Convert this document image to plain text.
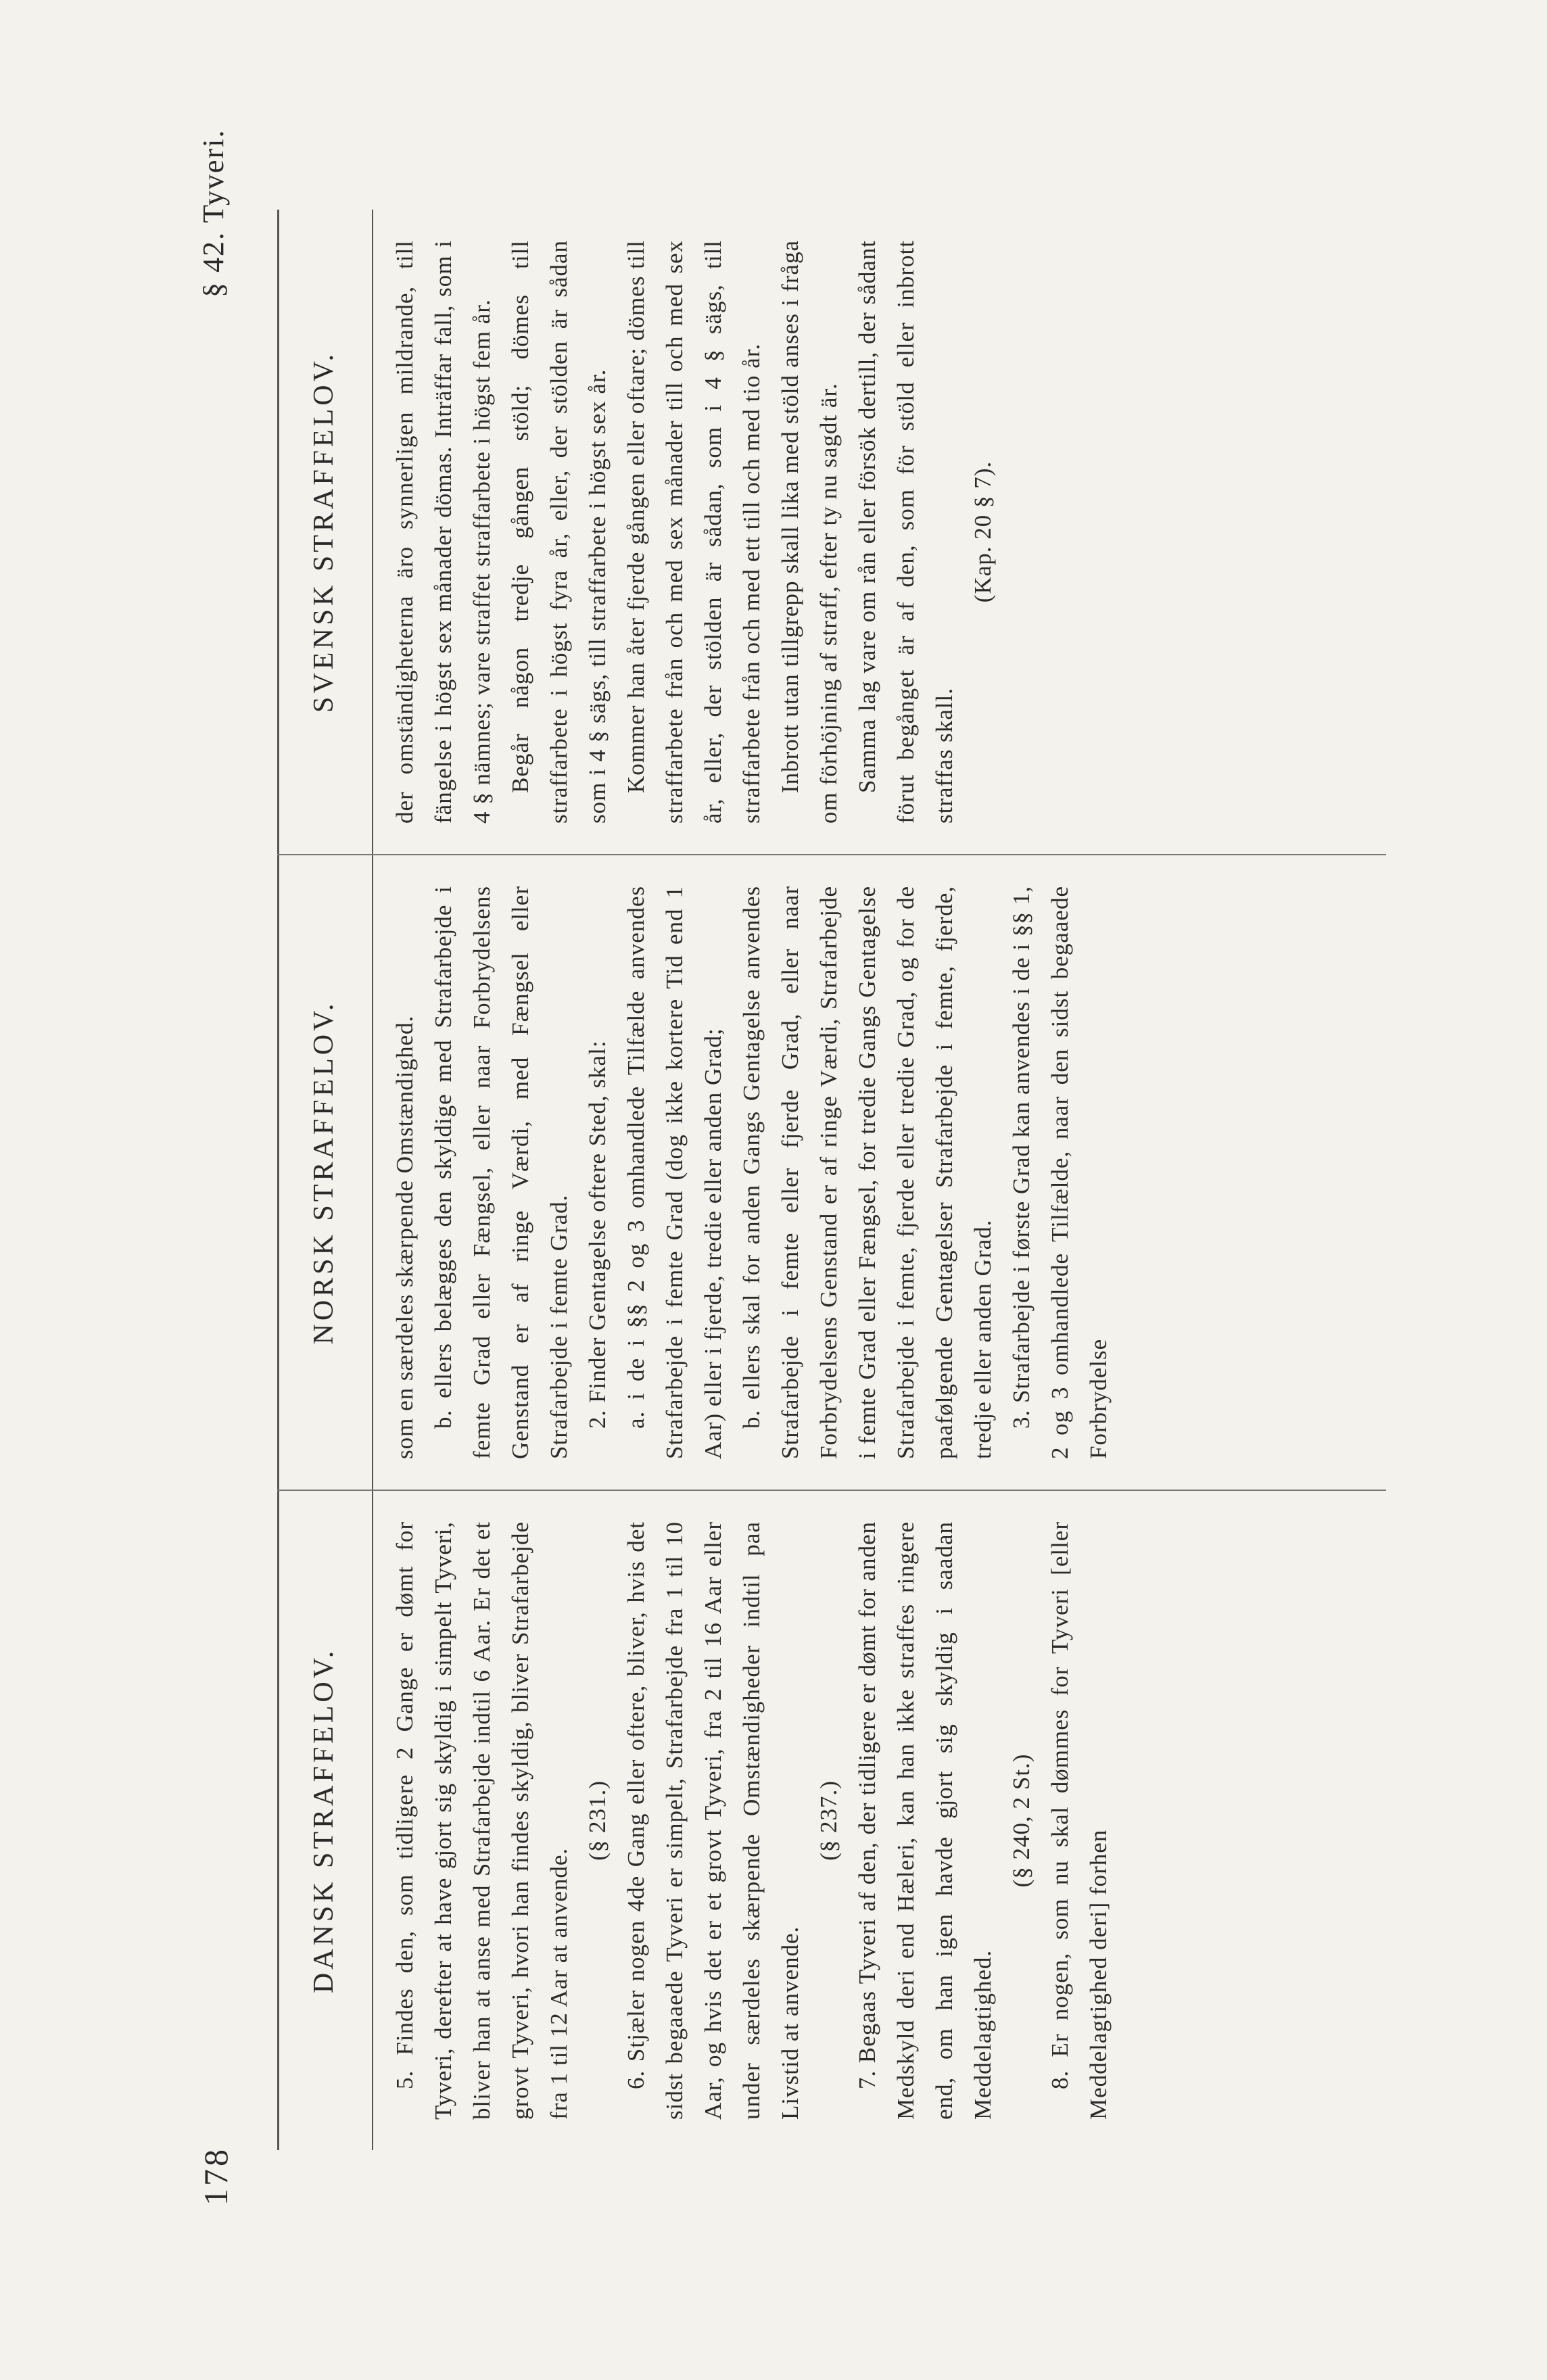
178
§ 42. Tyveri.
DANSK STRAFFELOV. 5. Findes den, som tidligere 2 Gange er dømt for Tyveri, derefter at have gjort sig skyldig i simpelt Tyveri, bliver han at anse med Strafarbejde indtil 6 Aar. Er det et grovt Tyveri, hvori han findes skyldig, bliver Strafarbejde fra 1 til 12 Aar at anvende.

(§ 231.) 6. Stjæler nogen 4de Gang eller oftere, bliver, hvis det sidst begaaede Tyveri er simpelt, Strafarbejde fra 1 til 10 Aar, og hvis det er et grovt Tyveri, fra 2 til 16 Aar eller under særdeles skærpende Omstændigheder indtil paa Livstid at anvende.

(§ 237.) 7. Begaas Tyveri af den, der tidligere er dømt for anden Medskyld deri end Hæleri, kan han ikke straffes ringere end, om han igen havde gjort sig skyldig i saadan Meddelagtighed.

(§ 240, 2 St.) 8. Er nogen, som nu skal dømmes for Tyveri [eller Meddelagtighed deri] forhen

NORSK STRAFFELOV. som en særdeles skærpende Omstændighed. b. ellers belægges den skyldige med Strafarbejde i femte Grad eller Fængsel, eller naar Forbrydelsens Genstand er af ringe Værdi, med Fængsel eller Strafarbejde i femte Grad. 2. Finder Gentagelse oftere Sted, skal: a. i de i §§ 2 og 3 omhandlede Tilfælde anvendes Strafarbejde i femte Grad (dog ikke kortere Tid end 1 Aar) eller i fjerde, tredie eller anden Grad; b. ellers skal for anden Gangs Gentagelse anvendes Strafarbejde i femte eller fjerde Grad, eller naar Forbrydelsens Genstand er af ringe Værdi, Strafarbejde i femte Grad eller Fængsel, for tredie Gangs Gentagelse Strafarbejde i femte, fjerde eller tredie Grad, og for de paafølgende Gentagelser Strafarbejde i femte, fjerde, tredje eller anden Grad. 3. Strafarbejde i første Grad kan anvendes i de i §§ 1, 2 og 3 omhandlede Tilfælde, naar den sidst begaaede Forbrydelse

SVENSK STRAFFELOV. der omständigheterna äro synnerligen mildrande, till fängelse i högst sex månader dömas. Inträffar fall, som i 4 § nämnes; vare straffet straffarbete i högst fem år. Begår någon tredje gången stöld; dömes till straffarbete i högst fyra år, eller, der stölden är sådan som i 4 § sägs, till straffarbete i högst sex år. Kommer han åter fjerde gången eller oftare; dömes till straffarbete från och med sex månader till och med sex år, eller, der stölden är sådan, som i 4 § sägs, till straffarbete från och med ett till och med tio år. Inbrott utan tillgrepp skall lika med stöld anses i fråga om förhöjning af straff, efter ty nu sagdt är. Samma lag vare om rån eller försök dertill, der sådant förut begånget är af den, som för stöld eller inbrott straffas skall.

(Kap. 20 § 7).
